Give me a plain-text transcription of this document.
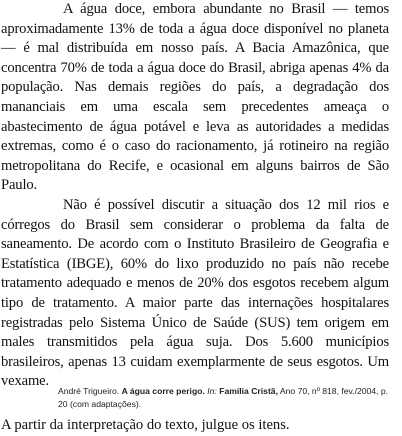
A água doce, embora abundante no Brasil — temos aproximadamente 13% de toda a água doce disponível no planeta — é mal distribuída em nosso país. A Bacia Amazônica, que concentra 70% de toda a água doce do Brasil, abriga apenas 4% da população. Nas demais regiões do país, a degradação dos mananciais em uma escala sem precedentes ameaça o abastecimento de água potável e leva as autoridades a medidas extremas, como é o caso do racionamento, já rotineiro na região metropolitana do Recife, e ocasional em alguns bairros de São Paulo.

Não é possível discutir a situação dos 12 mil rios e córregos do Brasil sem considerar o problema da falta de saneamento. De acordo com o Instituto Brasileiro de Geografia e Estatística (IBGE), 60% do lixo produzido no país não recebe tratamento adequado e menos de 20% dos esgotos recebem algum tipo de tratamento. A maior parte das internações hospitalares registradas pelo Sistema Único de Saúde (SUS) tem origem em males transmitidos pela água suja. Dos 5.600 municípios brasileiros, apenas 13 cuidam exemplarmente de seus esgotos. Um vexame.

André Trigueiro. A água corre perigo. In: Família Cristã, Ano 70, nº 818, fev./2004, p. 20 (com adaptações).
A partir da interpretação do texto, julgue os itens.
